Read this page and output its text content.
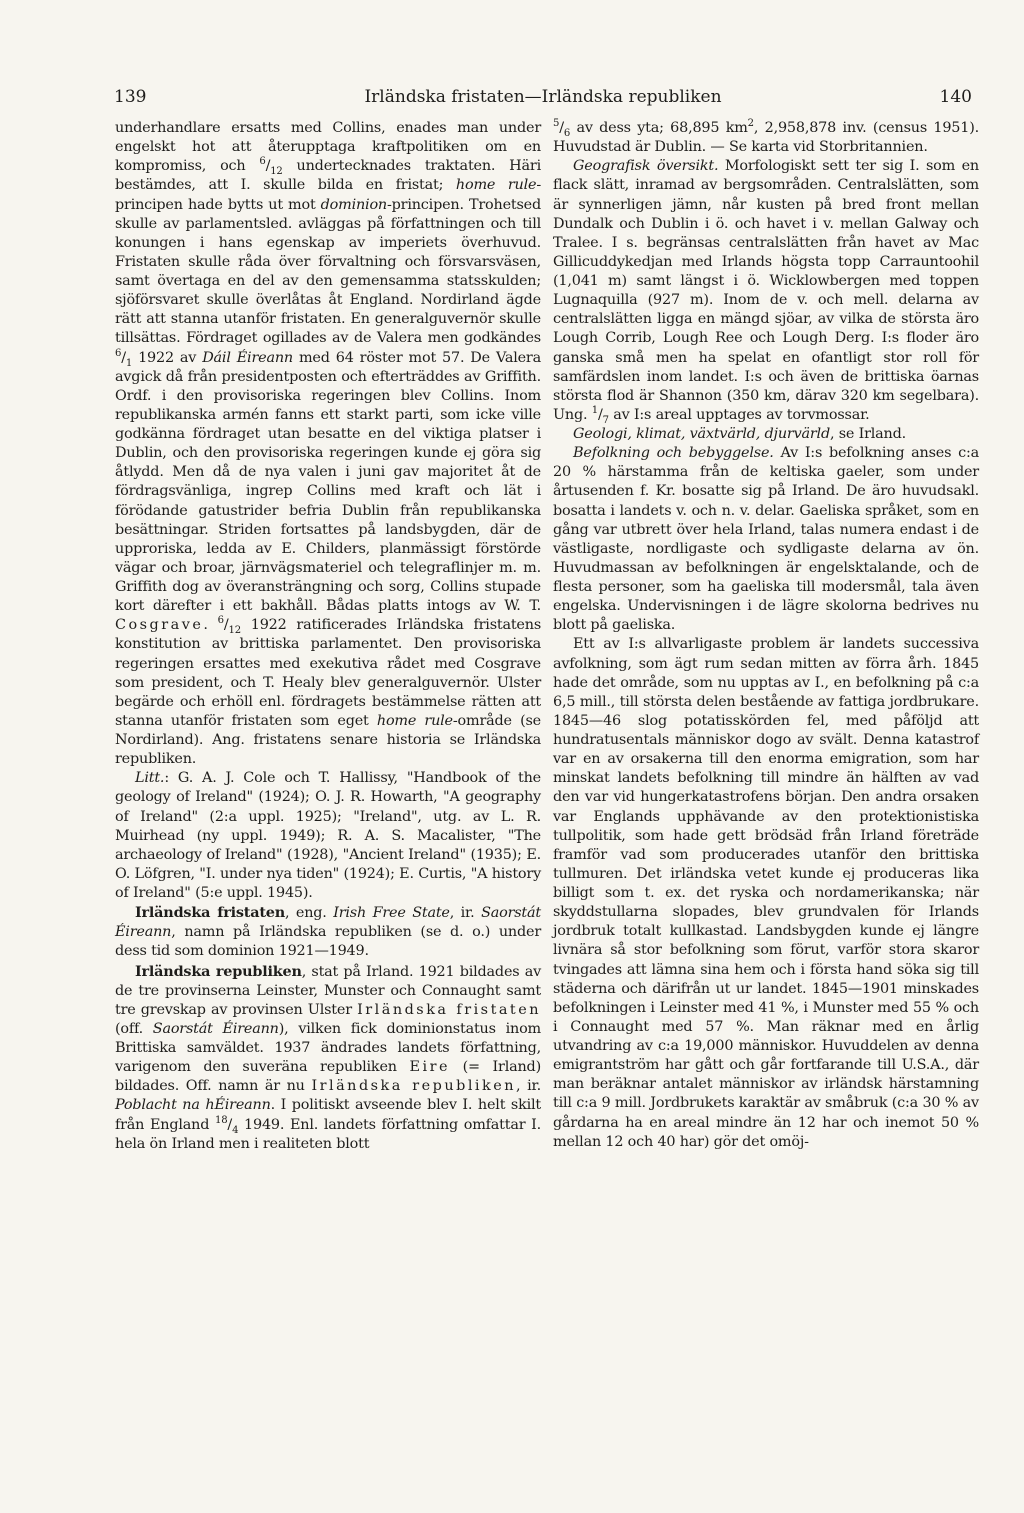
139	Irländska fristaten—Irländska republiken	140

underhandlare ersatts med Collins, enades man under engelskt hot att återupptaga kraftpolitiken om en kompromiss, och $^6/_{12}$ undertecknades traktaten. Häri bestämdes, att I. skulle bilda en fristat; home rule-principen hade bytts ut mot dominion-principen. Trohetsed skulle av parlamentsled. avläggas på författningen och till konungen i hans egenskap av imperiets överhuvud. Fristaten skulle råda över förvaltning och försvarsväsen, samt övertaga en del av den gemensamma statsskulden; sjöförsvaret skulle överlåtas åt England. Nordirland ägde rätt att stanna utanför fristaten. En generalguvernör skulle tillsättas. Fördraget ogillades av de Valera men godkändes $^6/_1$ 1922 av Dáil Éireann med 64 röster mot 57. De Valera avgick då från presidentposten och efterträddes av Griffith. Ordf. i den provisoriska regeringen blev Collins. Inom republikanska armén fanns ett starkt parti, som icke ville godkänna fördraget utan besatte en del viktiga platser i Dublin, och den provisoriska regeringen kunde ej göra sig åtlydd. Men då de nya valen i juni gav majoritet åt de fördragsvänliga, ingrep Collins med kraft och lät i förödande gatustrider befria Dublin från republikanska besättningar. Striden fortsattes på landsbygden, där de upproriska, ledda av E. Childers, planmässigt förstörde vägar och broar, järnvägsmateriel och telegraflinjer m. m. Griffith dog av överansträngning och sorg, Collins stupade kort därefter i ett bakhåll. Bådas platts intogs av W. T. Cosgrave. $^6/_{12}$ 1922 ratificerades Irländska fristatens konstitution av brittiska parlamentet. Den provisoriska regeringen ersattes med exekutiva rådet med Cosgrave som president, och T. Healy blev generalguvernör. Ulster begärde och erhöll enl. fördragets bestämmelse rätten att stanna utanför fristaten som eget home rule-område (se Nordirland). Ang. fristatens senare historia se Irländska republiken.

Litt.: G. A. J. Cole och T. Hallissy, "Handbook of the geology of Ireland" (1924); O. J. R. Howarth, "A geography of Ireland" (2:a uppl. 1925); "Ireland", utg. av L. R. Muirhead (ny uppl. 1949); R. A. S. Macalister, "The archaeology of Ireland" (1928), "Ancient Ireland" (1935); E. O. Löfgren, "I. under nya tiden" (1924); E. Curtis, "A history of Ireland" (5:e uppl. 1945).

Irländska fristaten, eng. Irish Free State, ir. Saorstát Éireann, namn på Irländska republiken (se d. o.) under dess tid som dominion 1921—1949.

Irländska republiken, stat på Irland. 1921 bildades av de tre provinserna Leinster, Munster och Connaught samt tre grevskap av provinsen Ulster Irländska fristaten (off. Saorstát Éireann), vilken fick dominionstatus inom Brittiska samväldet. 1937 ändrades landets författning, varigenom den suveräna republiken Eire (= Irland) bildades. Off. namn är nu Irländska republiken, ir. Poblacht na hÉireann. I politiskt avseende blev I. helt skilt från England $^{18}/_4$ 1949. Enl. landets författning omfattar I. hela ön Irland men i realiteten blott

$^5/_6$ av dess yta; 68,895 $km^2$, 2,958,878 inv. (census 1951). Huvudstad är Dublin. — Se karta vid Storbritannien.

Geografisk översikt. Morfologiskt sett ter sig I. som en flack slätt, inramad av bergsområden. Centralslätten, som är synnerligen jämn, når kusten på bred front mellan Dundalk och Dublin i ö. och havet i v. mellan Galway och Tralee. I s. begränsas centralslätten från havet av Mac Gillicuddykedjan med Irlands högsta topp Carrauntoohil (1,041 m) samt längst i ö. Wicklowbergen med toppen Lugnaquilla (927 m). Inom de v. och mell. delarna av centralslätten ligga en mängd sjöar, av vilka de största äro Lough Corrib, Lough Ree och Lough Derg. I:s floder äro ganska små men ha spelat en ofantligt stor roll för samfärdslen inom landet. I:s och även de brittiska öarnas största flod är Shannon (350 km, därav 320 km segelbara). Ung. $^1/_7$ av I:s areal upptages av torvmossar.

Geologi, klimat, växtvärld, djurvärld, se Irland.

Befolkning och bebyggelse. Av I:s befolkning anses c:a 20 % härstamma från de keltiska gaeler, som under årtusenden f. Kr. bosatte sig på Irland. De äro huvudsakl. bosatta i landets v. och n. v. delar. Gaeliska språket, som en gång var utbrett över hela Irland, talas numera endast i de västligaste, nordligaste och sydligaste delarna av ön. Huvudmassan av befolkningen är engelsktalande, och de flesta personer, som ha gaeliska till modersmål, tala även engelska. Undervisningen i de lägre skolorna bedrives nu blott på gaeliska.

Ett av I:s allvarligaste problem är landets successiva avfolkning, som ägt rum sedan mitten av förra årh. 1845 hade det område, som nu upptas av I., en befolkning på c:a 6,5 mill., till största delen bestående av fattiga jordbrukare. 1845—46 slog potatisskörden fel, med påföljd att hundratusentals människor dogo av svält. Denna katastrof var en av orsakerna till den enorma emigration, som har minskat landets befolkning till mindre än hälften av vad den var vid hungerkatastrofens början. Den andra orsaken var Englands upphävande av den protektionistiska tullpolitik, som hade gett brödsäd från Irland företräde framför vad som producerades utanför den brittiska tullmuren. Det irländska vetet kunde ej produceras lika billigt som t. ex. det ryska och nordamerikanska; när skyddstullarna slopades, blev grundvalen för Irlands jordbruk totalt kullkastad. Landsbygden kunde ej längre livnära så stor befolkning som förut, varför stora skaror tvingades att lämna sina hem och i första hand söka sig till städerna och därifrån ut ur landet. 1845—1901 minskades befolkningen i Leinster med 41 %, i Munster med 55 % och i Connaught med 57 %. Man räknar med en årlig utvandring av c:a 19,000 människor. Huvuddelen av denna emigrantström har gått och går fortfarande till U.S.A., där man beräknar antalet människor av irländsk härstamning till c:a 9 mill. Jordbrukets karaktär av småbruk (c:a 30 % av gårdarna ha en areal mindre än 12 har och inemot 50 % mellan 12 och 40 har) gör det omöj-
